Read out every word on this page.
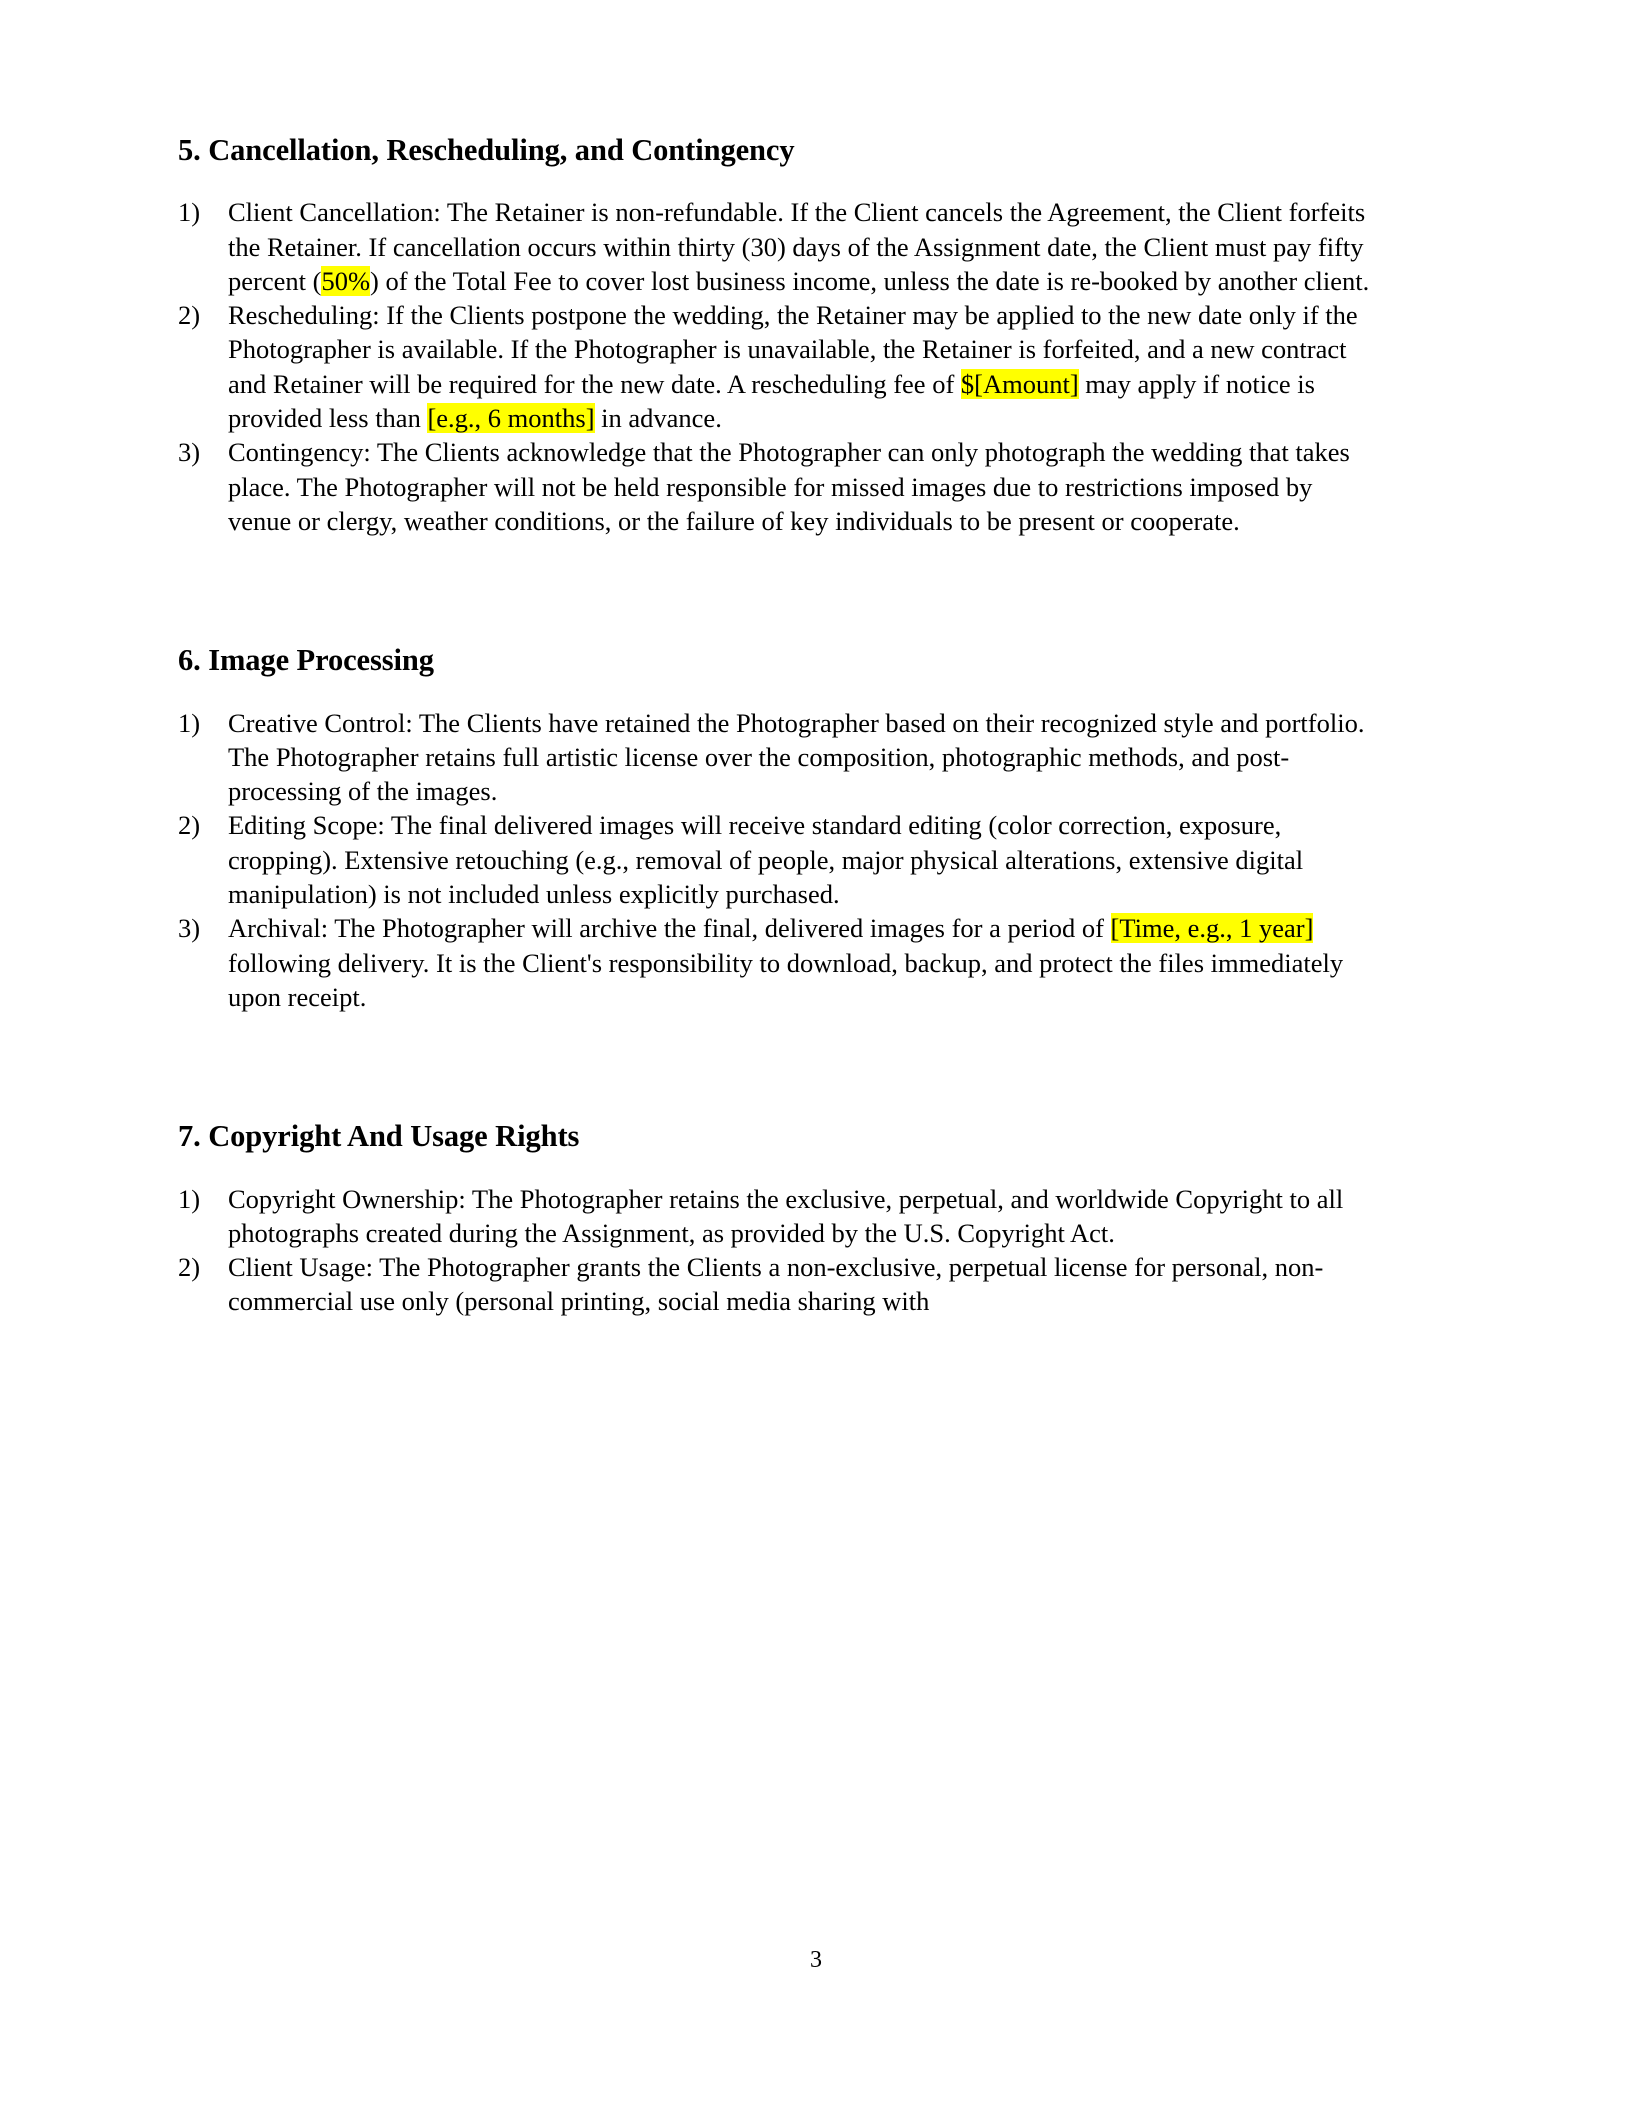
5. Cancellation, Rescheduling, and Contingency
1)	Client Cancellation: The Retainer is non-refundable. If the Client cancels the Agreement, the Client forfeits the Retainer. If cancellation occurs within thirty (30) days of the Assignment date, the Client must pay fifty percent (50%) of the Total Fee to cover lost business income, unless the date is re-booked by another client.
2)	Rescheduling: If the Clients postpone the wedding, the Retainer may be applied to the new date only if the Photographer is available. If the Photographer is unavailable, the Retainer is forfeited, and a new contract and Retainer will be required for the new date. A rescheduling fee of $[Amount] may apply if notice is provided less than [e.g., 6 months] in advance.
3)	Contingency: The Clients acknowledge that the Photographer can only photograph the wedding that takes place. The Photographer will not be held responsible for missed images due to restrictions imposed by venue or clergy, weather conditions, or the failure of key individuals to be present or cooperate.
6. Image Processing
1)	Creative Control: The Clients have retained the Photographer based on their recognized style and portfolio. The Photographer retains full artistic license over the composition, photographic methods, and post-processing of the images.
2)	Editing Scope: The final delivered images will receive standard editing (color correction, exposure, cropping). Extensive retouching (e.g., removal of people, major physical alterations, extensive digital manipulation) is not included unless explicitly purchased.
3)	Archival: The Photographer will archive the final, delivered images for a period of [Time, e.g., 1 year] following delivery. It is the Client's responsibility to download, backup, and protect the files immediately upon receipt.
7. Copyright And Usage Rights
1)	Copyright Ownership: The Photographer retains the exclusive, perpetual, and worldwide Copyright to all photographs created during the Assignment, as provided by the U.S. Copyright Act.
2)	Client Usage: The Photographer grants the Clients a non-exclusive, perpetual license for personal, non-commercial use only (personal printing, social media sharing with
3
